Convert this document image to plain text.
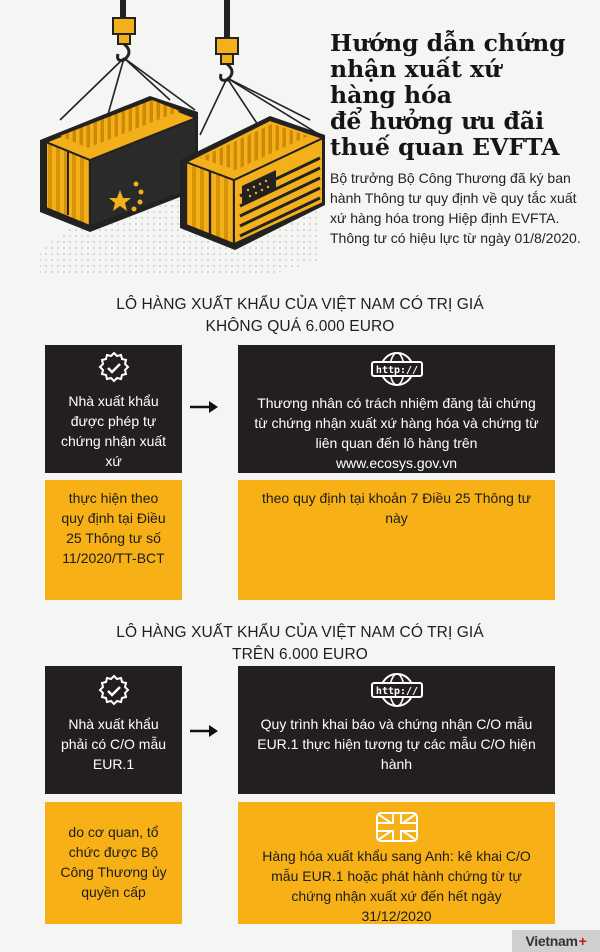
Hướng dẫn chứng
nhận xuất xứ
hàng hóa
để hưởng ưu đãi
thuế quan EVFTA

Bộ trưởng Bộ Công Thương đã ký ban hành Thông tư quy định về quy tắc xuất xứ hàng hóa trong Hiệp định EVFTA. Thông tư có hiệu lực từ ngày 01/8/2020.

LÔ HÀNG XUẤT KHẨU CỦA VIỆT NAM CÓ TRỊ GIÁ
KHÔNG QUÁ 6.000 EURO
Nhà xuất khẩu được phép tự chứng nhận xuất xứ
http://
Thương nhân có trách nhiệm đăng tải chứng từ chứng nhận xuất xứ hàng hóa và chứng từ liên quan đến lô hàng trên www.ecosys.gov.vn
thực hiện theo quy định tại Điều 25 Thông tư số 11/2020/TT-BCT
theo quy định tại khoản 7 Điều 25 Thông tư này
LÔ HÀNG XUẤT KHẨU CỦA VIỆT NAM CÓ TRỊ GIÁ
TRÊN 6.000 EURO
Nhà xuất khẩu phải có C/O mẫu EUR.1
http://
Quy trình khai báo và chứng nhận C/O mẫu EUR.1 thực hiện tương tự các mẫu C/O hiện hành
do cơ quan, tổ chức được Bộ Công Thương ủy quyền cấp
Hàng hóa xuất khẩu sang Anh: kê khai C/O mẫu EUR.1 hoặc phát hành chứng từ tự chứng nhận xuất xứ đến hết ngày 31/12/2020
Vietnam +
